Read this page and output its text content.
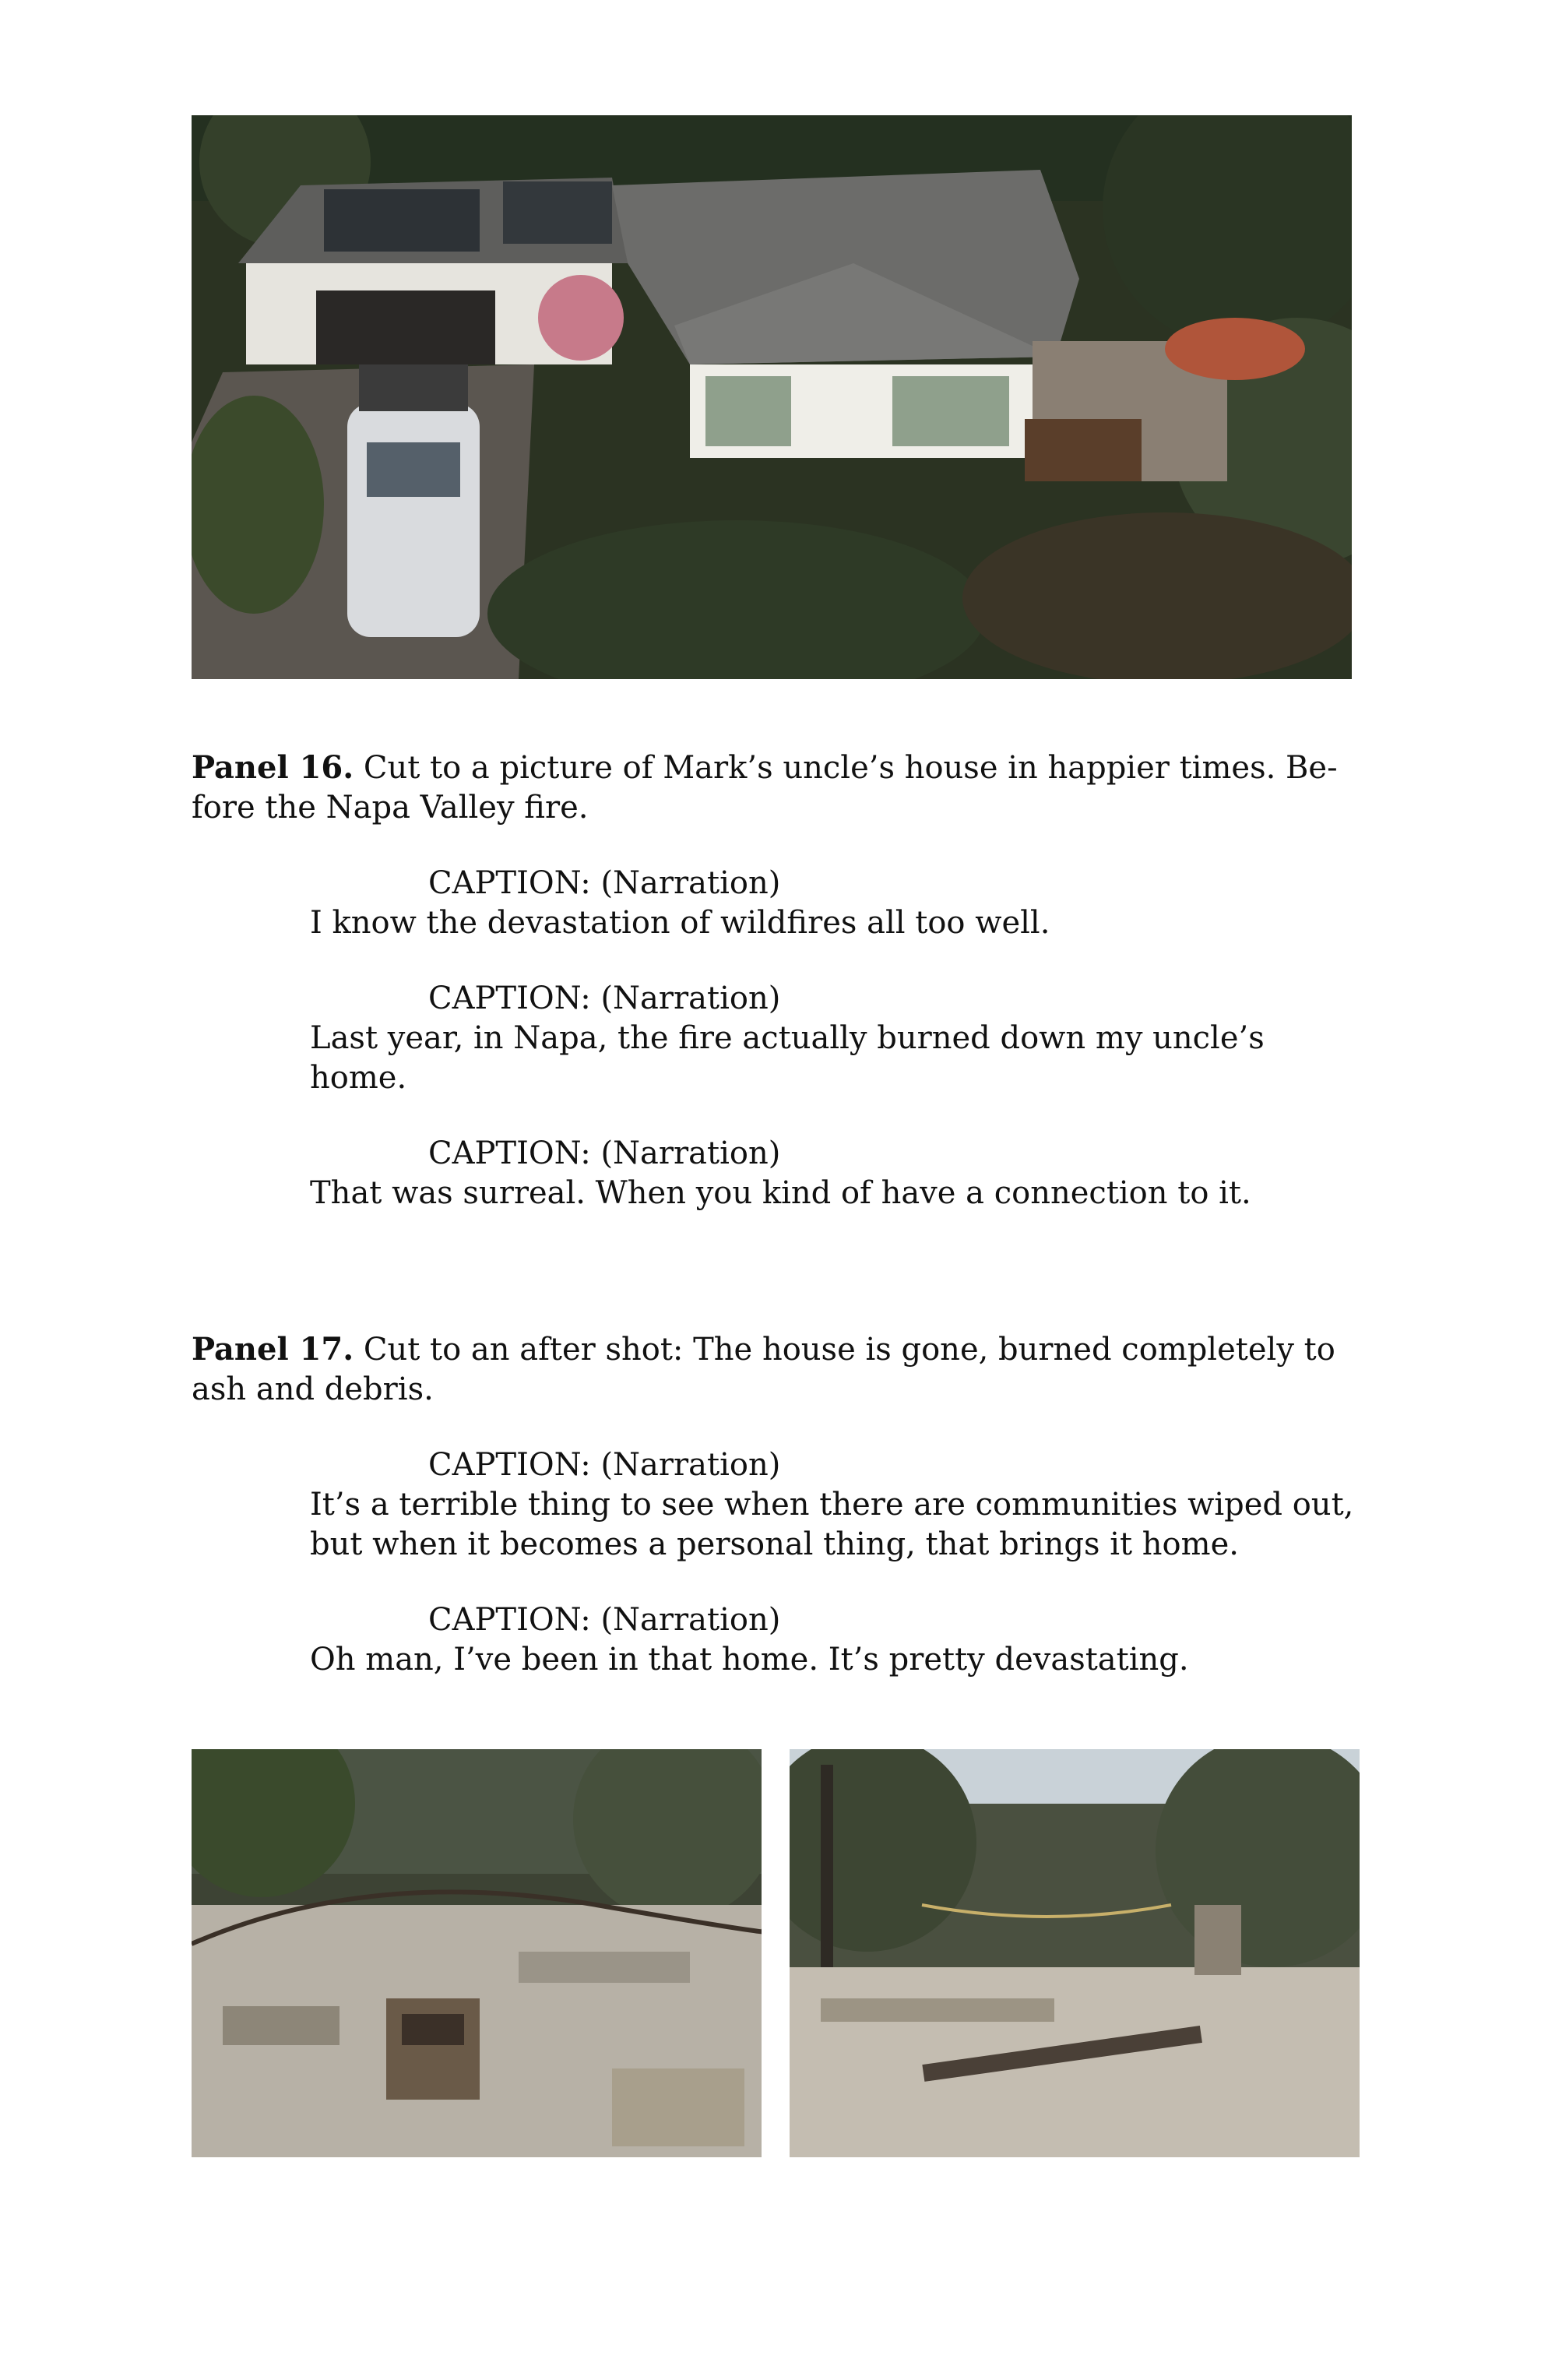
Panel 16. Cut to a picture of Mark’s uncle’s house in happier times. Be-fore the Napa Valley fire.

CAPTION: (Narration)
I know the devastation of wildfires all too well.

CAPTION: (Narration)
Last year, in Napa, the fire actually burned down my uncle’s home.

CAPTION: (Narration)
That was surreal. When you kind of have a connection to it.

Panel 17. Cut to an after shot: The house is gone, burned completely to ash and debris.

CAPTION: (Narration)
It’s a terrible thing to see when there are communities wiped out, but when it becomes a personal thing, that brings it home.

CAPTION: (Narration)
Oh man, I’ve been in that home. It’s pretty devastating.
